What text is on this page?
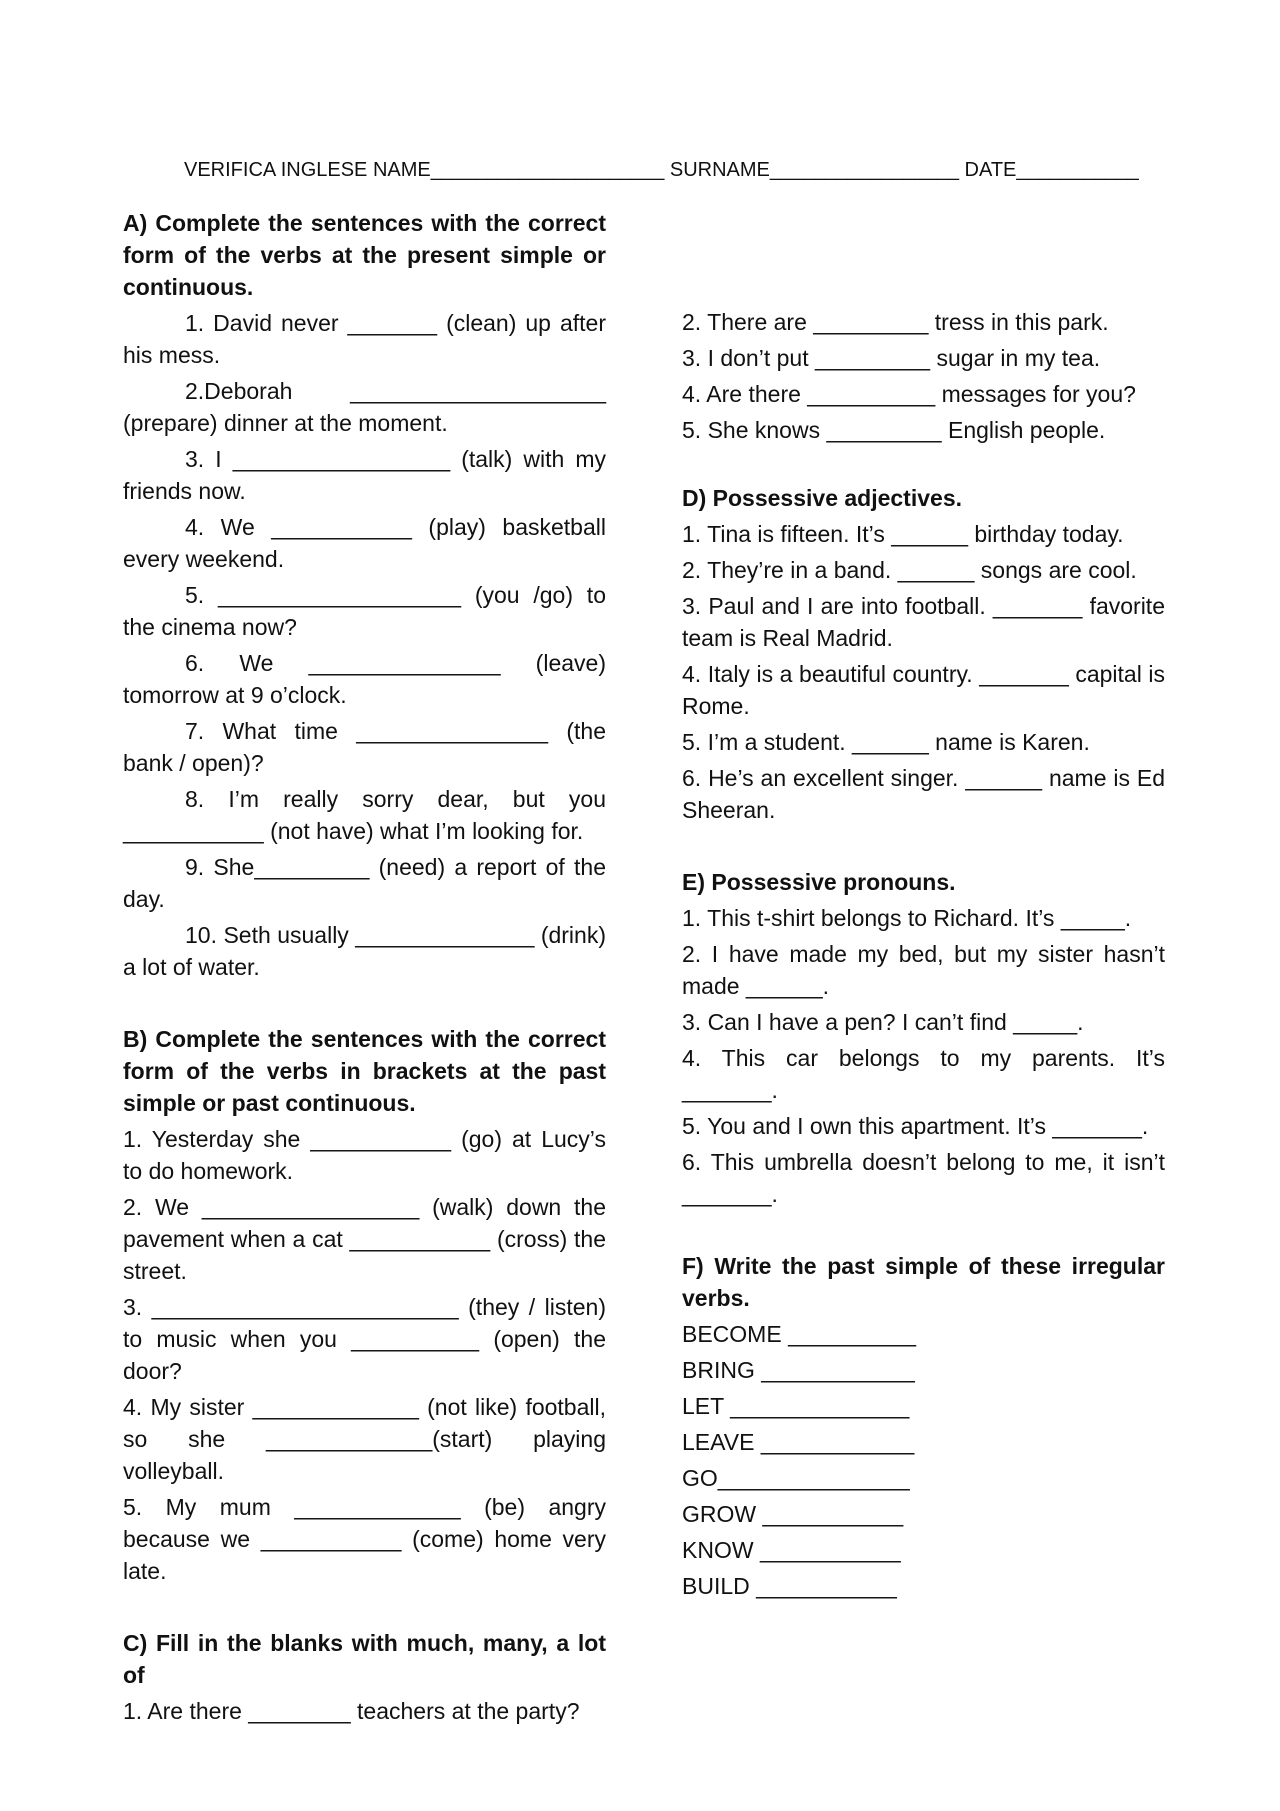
VERIFICA INGLESE NAME_____________________ SURNAME_________________ DATE___________

A) Complete the sentences with the correct form of the verbs at the present simple or continuous.

1. David never _______ (clean) up after his mess.

2.Deborah ____________________ (prepare) dinner at the moment.

3. I _________________ (talk) with my friends now.

4. We ___________ (play) basketball every weekend.

5. ___________________ (you /go) to the cinema now?

6. We _______________ (leave) tomorrow at 9 o’clock.

7. What time _______________ (the bank / open)?

8. I’m really sorry dear, but you ___________ (not have) what I’m looking for.

9. She_________ (need) a report of the day.

10. Seth usually ______________ (drink) a lot of water.

B) Complete the sentences with the correct form of the verbs in brackets at the past simple or past continuous.

1. Yesterday she ___________ (go) at Lucy’s to do homework.

2. We _________________ (walk) down the pavement when a cat ___________ (cross) the street.

3. ________________________ (they / listen) to music when you __________ (open) the door?

4. My sister _____________ (not like) football, so she _____________(start) playing volleyball.

5. My mum _____________ (be) angry because we ___________ (come) home very late.

C) Fill in the blanks with much, many, a lot of

1. Are there ________ teachers at the party?

2. There are _________ tress in this park.

3. I don’t put _________ sugar in my tea.

4. Are there __________ messages for you?

5. She knows _________ English people.

D) Possessive adjectives.

1. Tina is fifteen. It’s ______ birthday today.

2. They’re in a band. ______ songs are cool.

3. Paul and I are into football. _______ favorite team is Real Madrid.

4. Italy is a beautiful country. _______ capital is Rome.

5. I’m a student. ______ name is Karen.

6. He’s an excellent singer. ______ name is Ed Sheeran.

E) Possessive pronouns.

1. This t-shirt belongs to Richard. It’s _____.

2. I have made my bed, but my sister hasn’t made ______.

3. Can I have a pen? I can’t find _____.

4. This car belongs to my parents. It’s _______.

5. You and I own this apartment. It’s _______.

6. This umbrella doesn’t belong to me, it isn’t _______.

F) Write the past simple of these irregular verbs.

BECOME __________

BRING ____________

LET ______________

LEAVE ____________

GO_______________

GROW ___________

KNOW ___________

BUILD ___________
